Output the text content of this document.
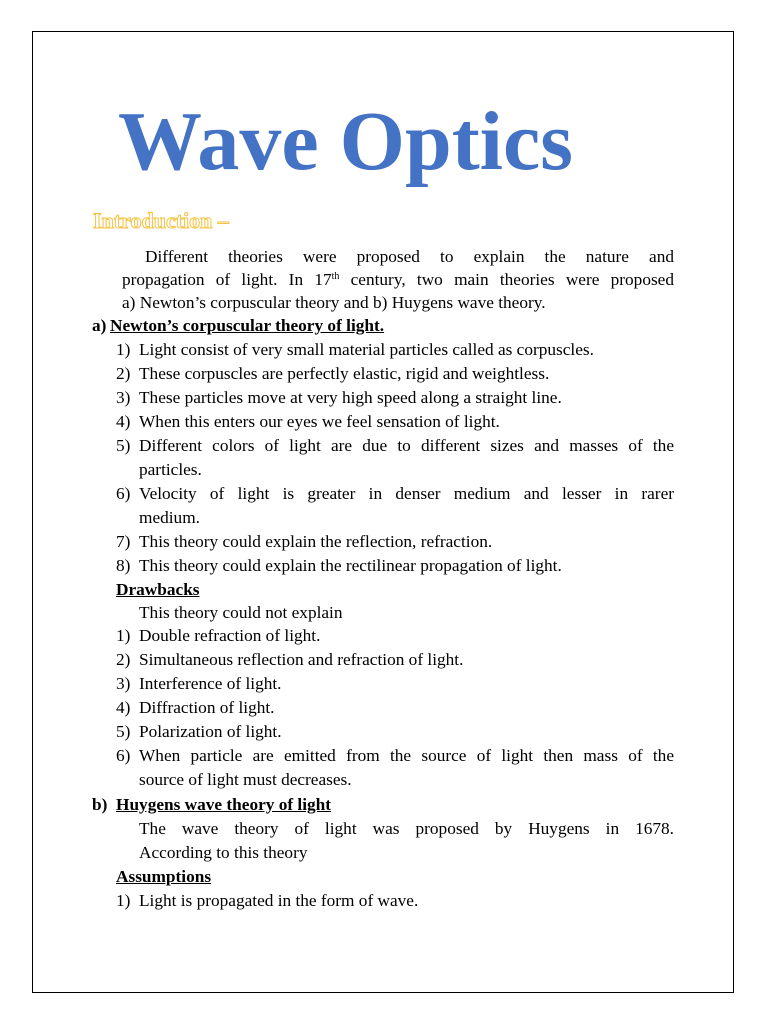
Wave Optics
Introduction –
Different theories were proposed to explain the nature and
propagation of light. In 17th century, two main theories were proposed
a) Newton’s corpuscular theory and b) Huygens wave theory.
a) Newton’s corpuscular theory of light.
1) Light consist of very small material particles called as corpuscles.
2) These corpuscles are perfectly elastic, rigid and weightless.
3) These particles move at very high speed along a straight line.
4) When this enters our eyes we feel sensation of light.
5) Different colors of light are due to different sizes and masses of the
particles.
6) Velocity of light is greater in denser medium and lesser in rarer
medium.
7) This theory could explain the reflection, refraction.
8) This theory could explain the rectilinear propagation of light.
Drawbacks
This theory could not explain
1) Double refraction of light.
2) Simultaneous reflection and refraction of light.
3) Interference of light.
4) Diffraction of light.
5) Polarization of light.
6) When particle are emitted from the source of light then mass of the
source of light must decreases.
b) Huygens wave theory of light
The wave theory of light was proposed by Huygens in 1678.
According to this theory
Assumptions
1) Light is propagated in the form of wave.
